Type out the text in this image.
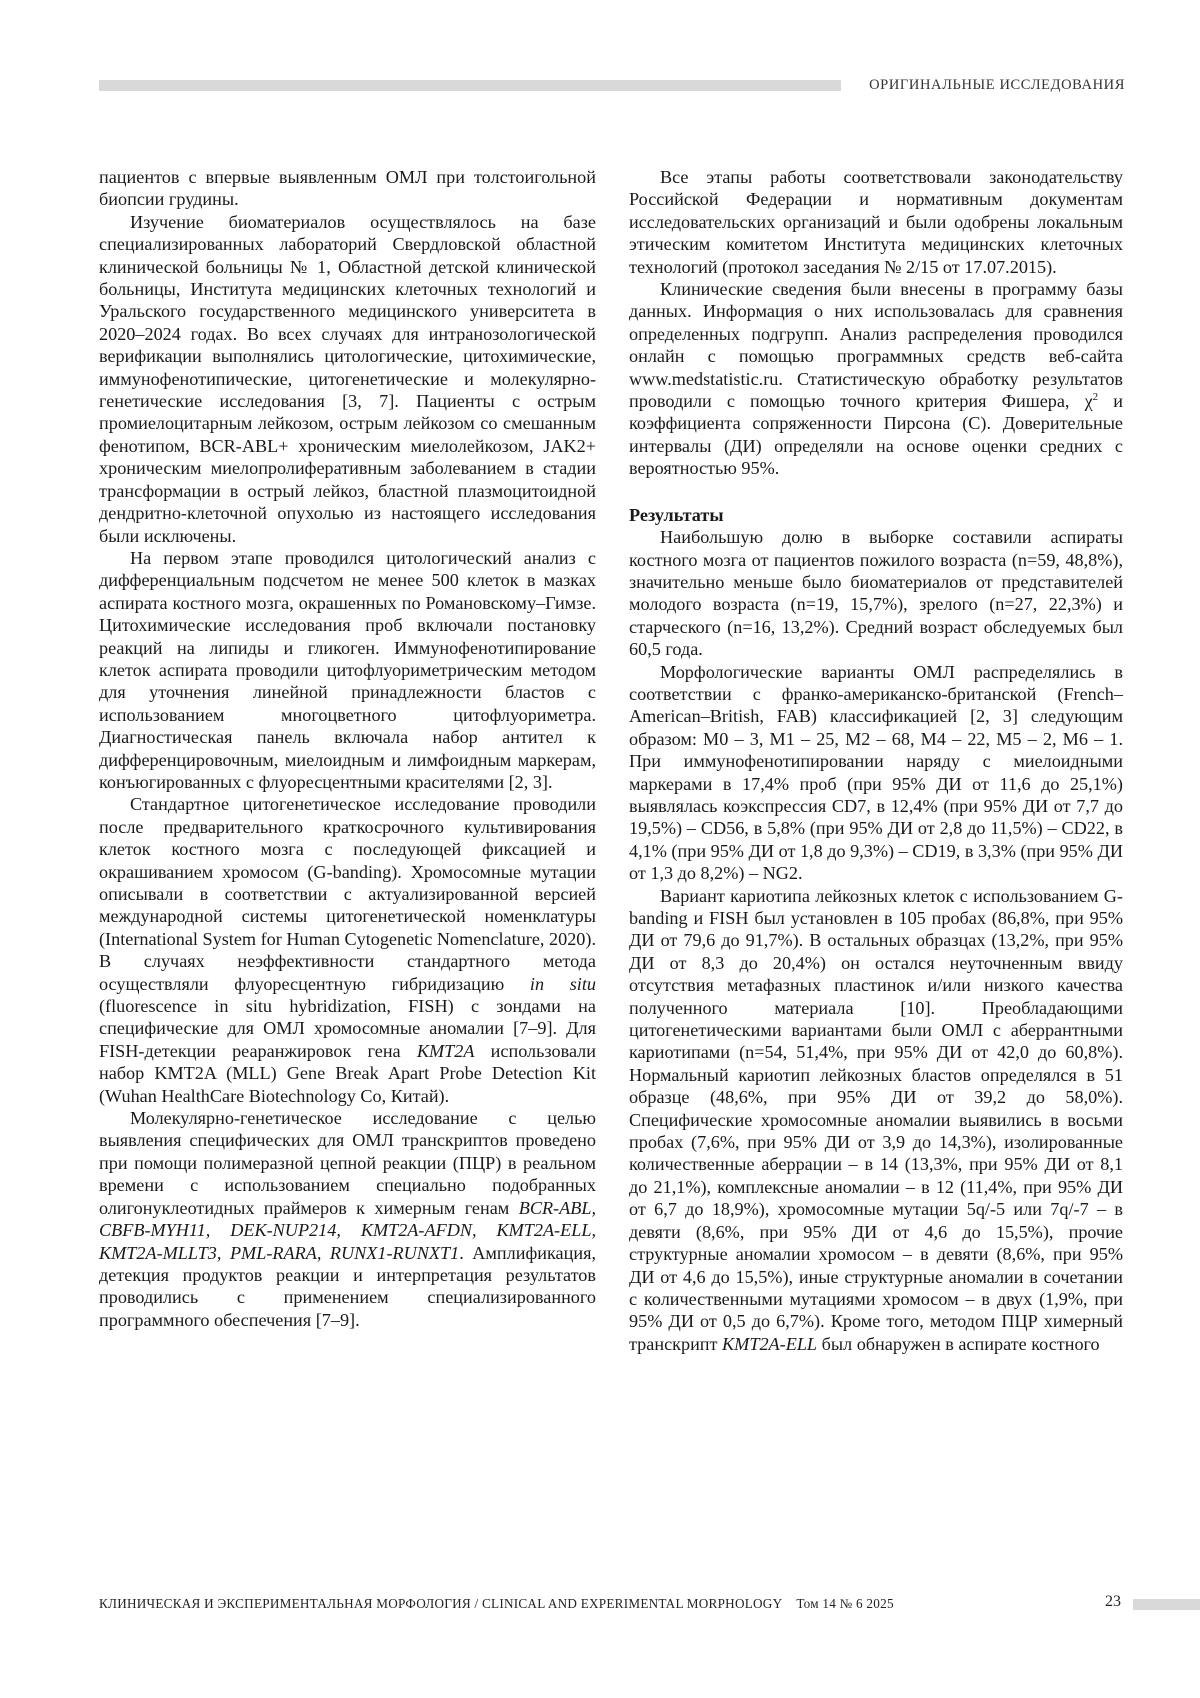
ОРИГИНАЛЬНЫЕ ИССЛЕДОВАНИЯ

пациентов с впервые выявленным ОМЛ при толстоигольной биопсии грудины.

Изучение биоматериалов осуществлялось на базе специализированных лабораторий Свердловской областной клинической больницы № 1, Областной детской клинической больницы, Института медицинских клеточных технологий и Уральского государственного медицинского университета в 2020–2024 годах. Во всех случаях для интранозологической верификации выполнялись цитологические, цитохимические, иммунофенотипические, цитогенетические и молекулярно-генетические исследования [3, 7]. Пациенты с острым промиелоцитарным лейкозом, острым лейкозом со смешанным фенотипом, BCR-ABL+ хроническим миелолейкозом, JAK2+ хроническим миелопролиферативным заболеванием в стадии трансформации в острый лейкоз, бластной плазмоцитоидной дендритно-клеточной опухолью из настоящего исследования были исключены.

На первом этапе проводился цитологический анализ с дифференциальным подсчетом не менее 500 клеток в мазках аспирата костного мозга, окрашенных по Романовскому–Гимзе. Цитохимические исследования проб включали постановку реакций на липиды и гликоген. Иммунофенотипирование клеток аспирата проводили цитофлуориметрическим методом для уточнения линейной принадлежности бластов с использованием многоцветного цитофлуориметра. Диагностическая панель включала набор антител к дифференцировочным, миелоидным и лимфоидным маркерам, конъюгированных с флуоресцентными красителями [2, 3].

Стандартное цитогенетическое исследование проводили после предварительного краткосрочного культивирования клеток костного мозга с последующей фиксацией и окрашиванием хромосом (G-banding). Хромосомные мутации описывали в соответствии с актуализированной версией международной системы цитогенетической номенклатуры (International System for Human Cytogenetic Nomenclature, 2020). В случаях неэффективности стандартного метода осуществляли флуоресцентную гибридизацию in situ (fluorescence in situ hybridization, FISH) с зондами на специфические для ОМЛ хромосомные аномалии [7–9]. Для FISH-детекции реаранжировок гена KMT2A использовали набор KMT2A (MLL) Gene Break Apart Probe Detection Kit (Wuhan HealthCare Biotechnology Co, Китай).

Молекулярно-генетическое исследование с целью выявления специфических для ОМЛ транскриптов проведено при помощи полимеразной цепной реакции (ПЦР) в реальном времени с использованием специально подобранных олигонуклеотидных праймеров к химерным генам BCR-ABL, CBFB-MYH11, DEK-NUP214, KMT2A-AFDN, KMT2A-ELL, KMT2A-MLLT3, PML-RARA, RUNX1-RUNXT1. Амплификация, детекция продуктов реакции и интерпретация результатов проводились с применением специализированного программного обеспечения [7–9].

Все этапы работы соответствовали законодательству Российской Федерации и нормативным документам исследовательских организаций и были одобрены локальным этическим комитетом Института медицинских клеточных технологий (протокол заседания № 2/15 от 17.07.2015).

Клинические сведения были внесены в программу базы данных. Информация о них использовалась для сравнения определенных подгрупп. Анализ распределения проводился онлайн с помощью программных средств веб-сайта www.medstatistic.ru. Статистическую обработку результатов проводили с помощью точного критерия Фишера, $\chi^2$ и коэффициента сопряженности Пирсона (С). Доверительные интервалы (ДИ) определяли на основе оценки средних с вероятностью 95%.

Результаты

Наибольшую долю в выборке составили аспираты костного мозга от пациентов пожилого возраста (n=59, 48,8%), значительно меньше было биоматериалов от представителей молодого возраста (n=19, 15,7%), зрелого (n=27, 22,3%) и старческого (n=16, 13,2%). Средний возраст обследуемых был 60,5 года.

Морфологические варианты ОМЛ распределялись в соответствии с франко-американско-британской (French–American–British, FAB) классификацией [2, 3] следующим образом: M0 – 3, M1 – 25, M2 – 68, M4 – 22, M5 – 2, M6 – 1. При иммунофенотипировании наряду с миелоидными маркерами в 17,4% проб (при 95% ДИ от 11,6 до 25,1%) выявлялась коэкспрессия CD7, в 12,4% (при 95% ДИ от 7,7 до 19,5%) – CD56, в 5,8% (при 95% ДИ от 2,8 до 11,5%) – CD22, в 4,1% (при 95% ДИ от 1,8 до 9,3%) – CD19, в 3,3% (при 95% ДИ от 1,3 до 8,2%) – NG2.

Вариант кариотипа лейкозных клеток с использованием G-banding и FISH был установлен в 105 пробах (86,8%, при 95% ДИ от 79,6 до 91,7%). В остальных образцах (13,2%, при 95% ДИ от 8,3 до 20,4%) он остался неуточненным ввиду отсутствия метафазных пластинок и/или низкого качества полученного материала [10]. Преобладающими цитогенетическими вариантами были ОМЛ с аберрантными кариотипами (n=54, 51,4%, при 95% ДИ от 42,0 до 60,8%). Нормальный кариотип лейкозных бластов определялся в 51 образце (48,6%, при 95% ДИ от 39,2 до 58,0%). Специфические хромосомные аномалии выявились в восьми пробах (7,6%, при 95% ДИ от 3,9 до 14,3%), изолированные количественные аберрации – в 14 (13,3%, при 95% ДИ от 8,1 до 21,1%), комплексные аномалии – в 12 (11,4%, при 95% ДИ от 6,7 до 18,9%), хромосомные мутации 5q/-5 или 7q/-7 – в девяти (8,6%, при 95% ДИ от 4,6 до 15,5%), прочие структурные аномалии хромосом – в девяти (8,6%, при 95% ДИ от 4,6 до 15,5%), иные структурные аномалии в сочетании с количественными мутациями хромосом – в двух (1,9%, при 95% ДИ от 0,5 до 6,7%). Кроме того, методом ПЦР химерный транскрипт KMT2A-ELL был обнаружен в аспирате костного

КЛИНИЧЕСКАЯ И ЭКСПЕРИМЕНТАЛЬНАЯ МОРФОЛОГИЯ / CLINICAL AND EXPERIMENTAL MORPHOLOGY Том 14 № 6 2025	23
